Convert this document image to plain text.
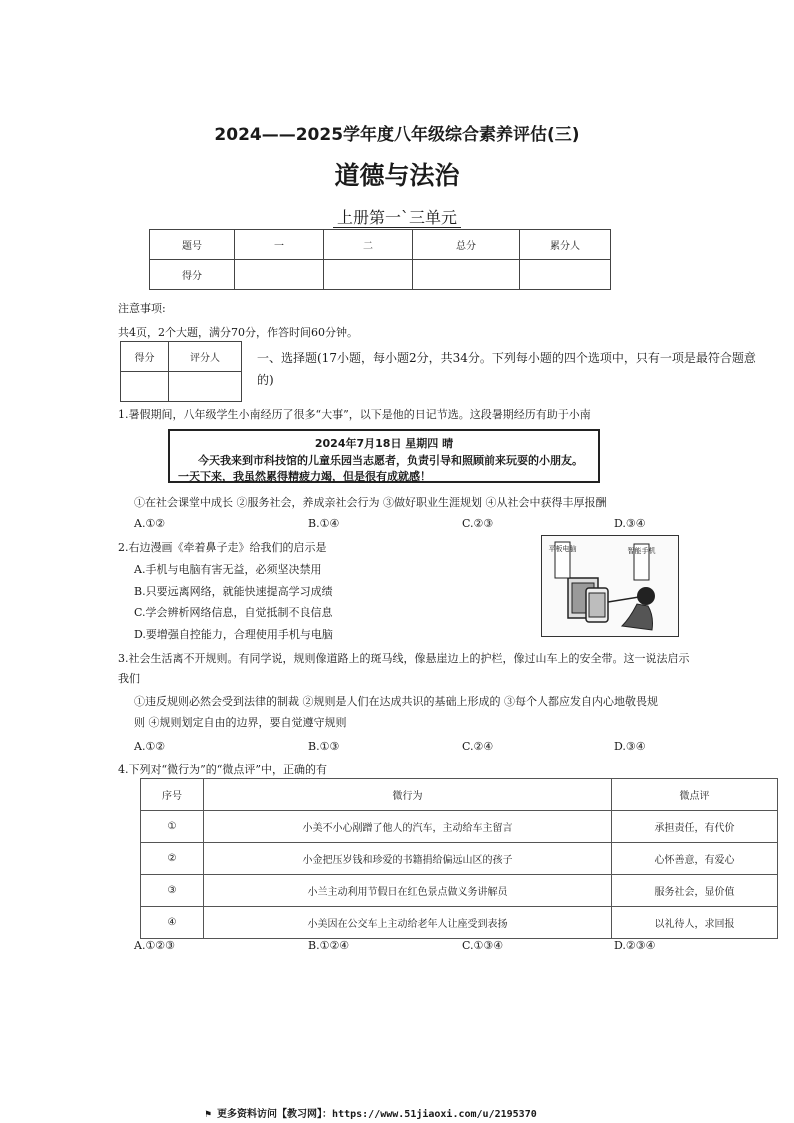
2024——2025学年度八年级综合素养评估(三)
道德与法治
上册第一`三单元
题号	一	二	总分	累分人
得分				
注意事项:
共4页，2个大题，满分70分，作答时间60分钟。
得分	评分人
		一、选择题(17小题，每小题2分，共34分。下列每小题的四个选项中，只有一项是最符合题意
的)
1.暑假期间，八年级学生小南经历了很多“大事”，以下是他的日记节选。这段暑期经历有助于小南
2024年7月18日 星期四 晴
今天我来到市科技馆的儿童乐园当志愿者，负责引导和照顾前来玩耍的小朋友。一天下来，我虽然累得精疲力竭，但是很有成就感！
①在社会课堂中成长 ②服务社会，养成亲社会行为 ③做好职业生涯规划 ④从社会中获得丰厚报酬
A.①②	B.①④	C.②③	D.③④
2.右边漫画《牵着鼻子走》给我们的启示是
A.手机与电脑有害无益，必须坚决禁用
B.只要远离网络，就能快速提高学习成绩
C.学会辨析网络信息，自觉抵制不良信息
D.要增强自控能力，合理使用手机与电脑
平板电脑	智能手机
3.社会生活离不开规则。有同学说，规则像道路上的斑马线，像悬崖边上的护栏，像过山车上的安全带。这一说法启示
我们
①违反规则必然会受到法律的制裁 ②规则是人们在达成共识的基础上形成的 ③每个人都应发自内心地敬畏规
则 ④规则划定自由的边界，要自觉遵守规则
A.①②	B.①③	C.②④	D.③④
4.下列对“微行为”的“微点评”中，正确的有
序号	微行为	微点评
①	小美不小心剐蹭了他人的汽车，主动给车主留言	承担责任，有代价
②	小金把压岁钱和珍爱的书籍捐给偏远山区的孩子	心怀善意，有爱心
③	小兰主动利用节假日在红色景点做义务讲解员	服务社会，显价值
④	小美因在公交车上主动给老年人让座受到表扬	以礼待人，求回报
A.①②③	B.①②④	C.①③④	D.②③④
⚑ 更多资料访问【教习网】：https://www.51jiaoxi.com/u/2195370
